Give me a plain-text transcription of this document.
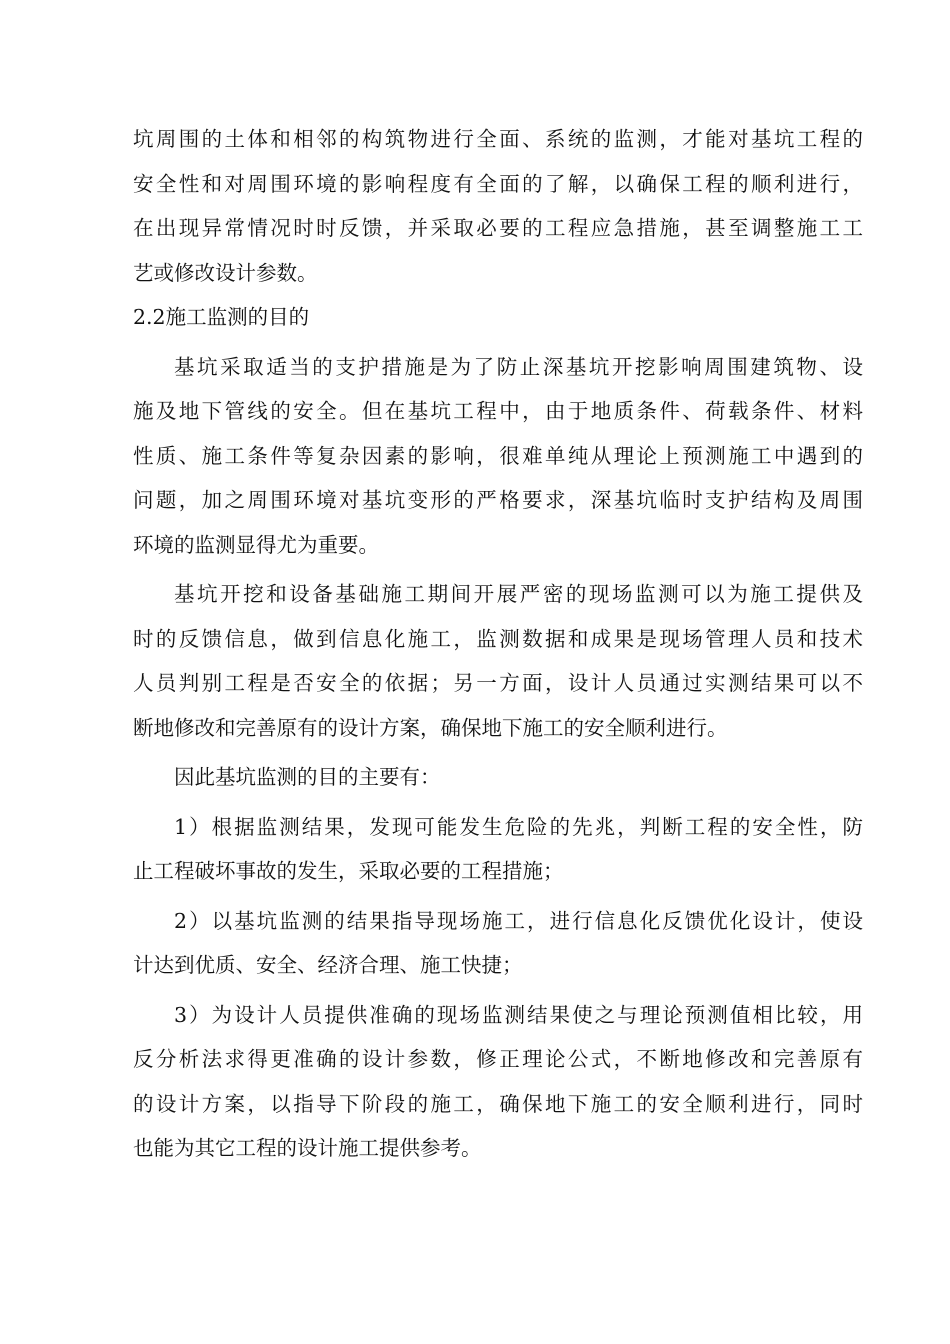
坑周围的土体和相邻的构筑物进行全面、系统的监测，才能对基坑工程的
安全性和对周围环境的影响程度有全面的了解，以确保工程的顺利进行，
在出现异常情况时时反馈，并采取必要的工程应急措施，甚至调整施工工
艺或修改设计参数。
2.2施工监测的目的
基坑采取适当的支护措施是为了防止深基坑开挖影响周围建筑物、设
施及地下管线的安全。但在基坑工程中，由于地质条件、荷载条件、材料
性质、施工条件等复杂因素的影响，很难单纯从理论上预测施工中遇到的
问题，加之周围环境对基坑变形的严格要求，深基坑临时支护结构及周围
环境的监测显得尤为重要。
基坑开挖和设备基础施工期间开展严密的现场监测可以为施工提供及
时的反馈信息，做到信息化施工，监测数据和成果是现场管理人员和技术
人员判别工程是否安全的依据；另一方面，设计人员通过实测结果可以不
断地修改和完善原有的设计方案，确保地下施工的安全顺利进行。
因此基坑监测的目的主要有：
1）根据监测结果，发现可能发生危险的先兆，判断工程的安全性，防
止工程破坏事故的发生，采取必要的工程措施；
2）以基坑监测的结果指导现场施工，进行信息化反馈优化设计，使设
计达到优质、安全、经济合理、施工快捷；
3）为设计人员提供准确的现场监测结果使之与理论预测值相比较，用
反分析法求得更准确的设计参数，修正理论公式，不断地修改和完善原有
的设计方案，以指导下阶段的施工，确保地下施工的安全顺利进行，同时
也能为其它工程的设计施工提供参考。
